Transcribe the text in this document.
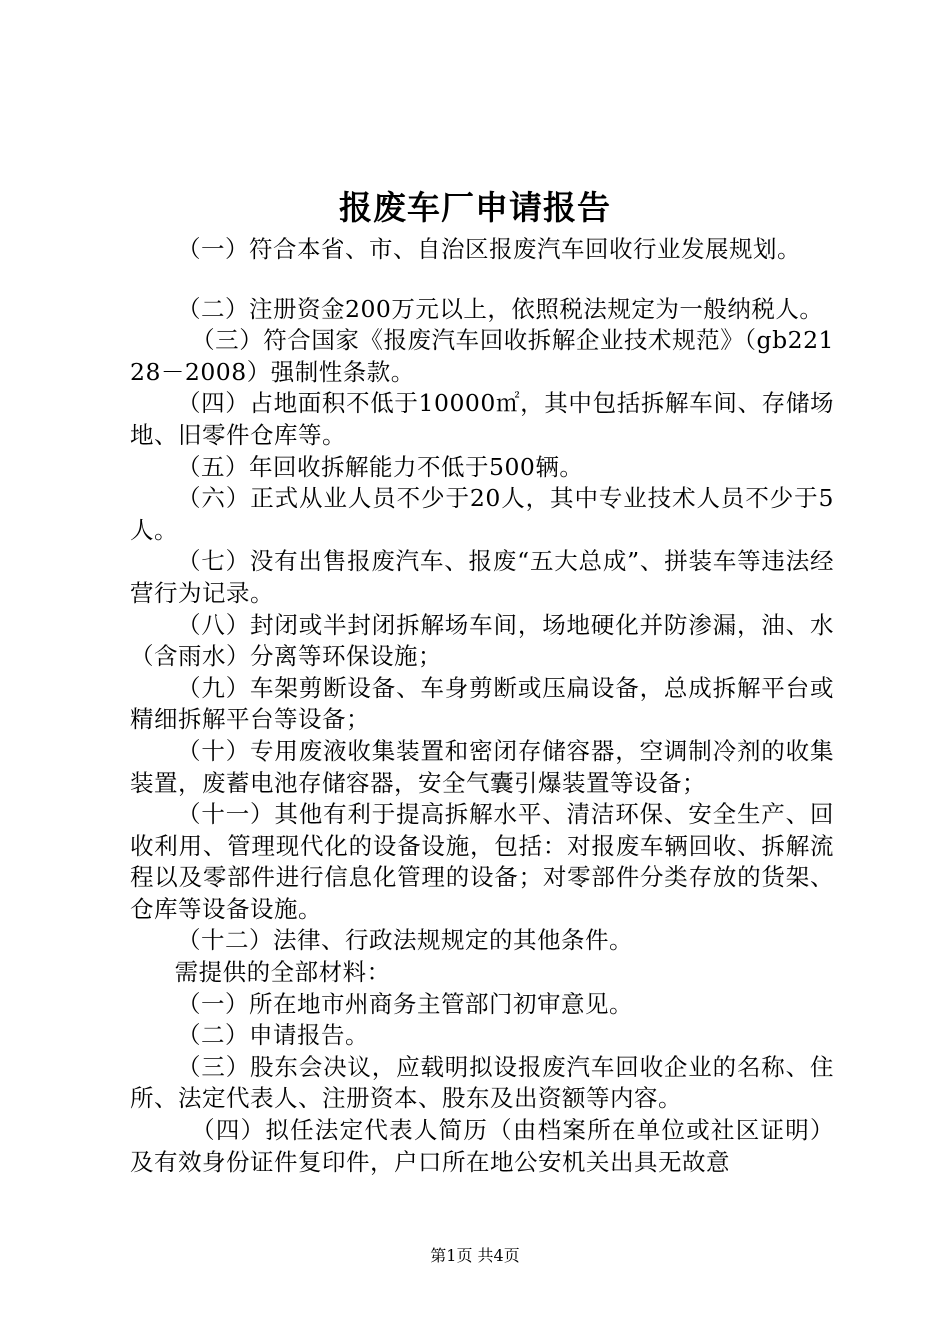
报废车厂申请报告

（一）符合本省、市、自治区报废汽车回收行业发展规划。

（二）注册资金200万元以上，依照税法规定为一般纳税人。

（三）符合国家《报废汽车回收拆解企业技术规范》（gb22128－2008）强制性条款。

（四）占地面积不低于10000㎡，其中包括拆解车间、存储场地、旧零件仓库等。

（五）年回收拆解能力不低于500辆。

（六）正式从业人员不少于20人，其中专业技术人员不少于5人。

（七）没有出售报废汽车、报废“五大总成”、拼装车等违法经营行为记录。

（八）封闭或半封闭拆解场车间，场地硬化并防渗漏，油、水（含雨水）分离等环保设施；

（九）车架剪断设备、车身剪断或压扁设备，总成拆解平台或精细拆解平台等设备；

（十）专用废液收集装置和密闭存储容器，空调制冷剂的收集装置，废蓄电池存储容器，安全气囊引爆装置等设备；

（十一）其他有利于提高拆解水平、清洁环保、安全生产、回收利用、管理现代化的设备设施，包括：对报废车辆回收、拆解流程以及零部件进行信息化管理的设备；对零部件分类存放的货架、仓库等设备设施。

（十二）法律、行政法规规定的其他条件。

需提供的全部材料：

（一）所在地市州商务主管部门初审意见。

（二）申请报告。

（三）股东会决议，应载明拟设报废汽车回收企业的名称、住所、法定代表人、注册资本、股东及出资额等内容。

（四）拟任法定代表人简历（由档案所在单位或社区证明）及有效身份证件复印件，户口所在地公安机关出具无故意

第1页 共4页
